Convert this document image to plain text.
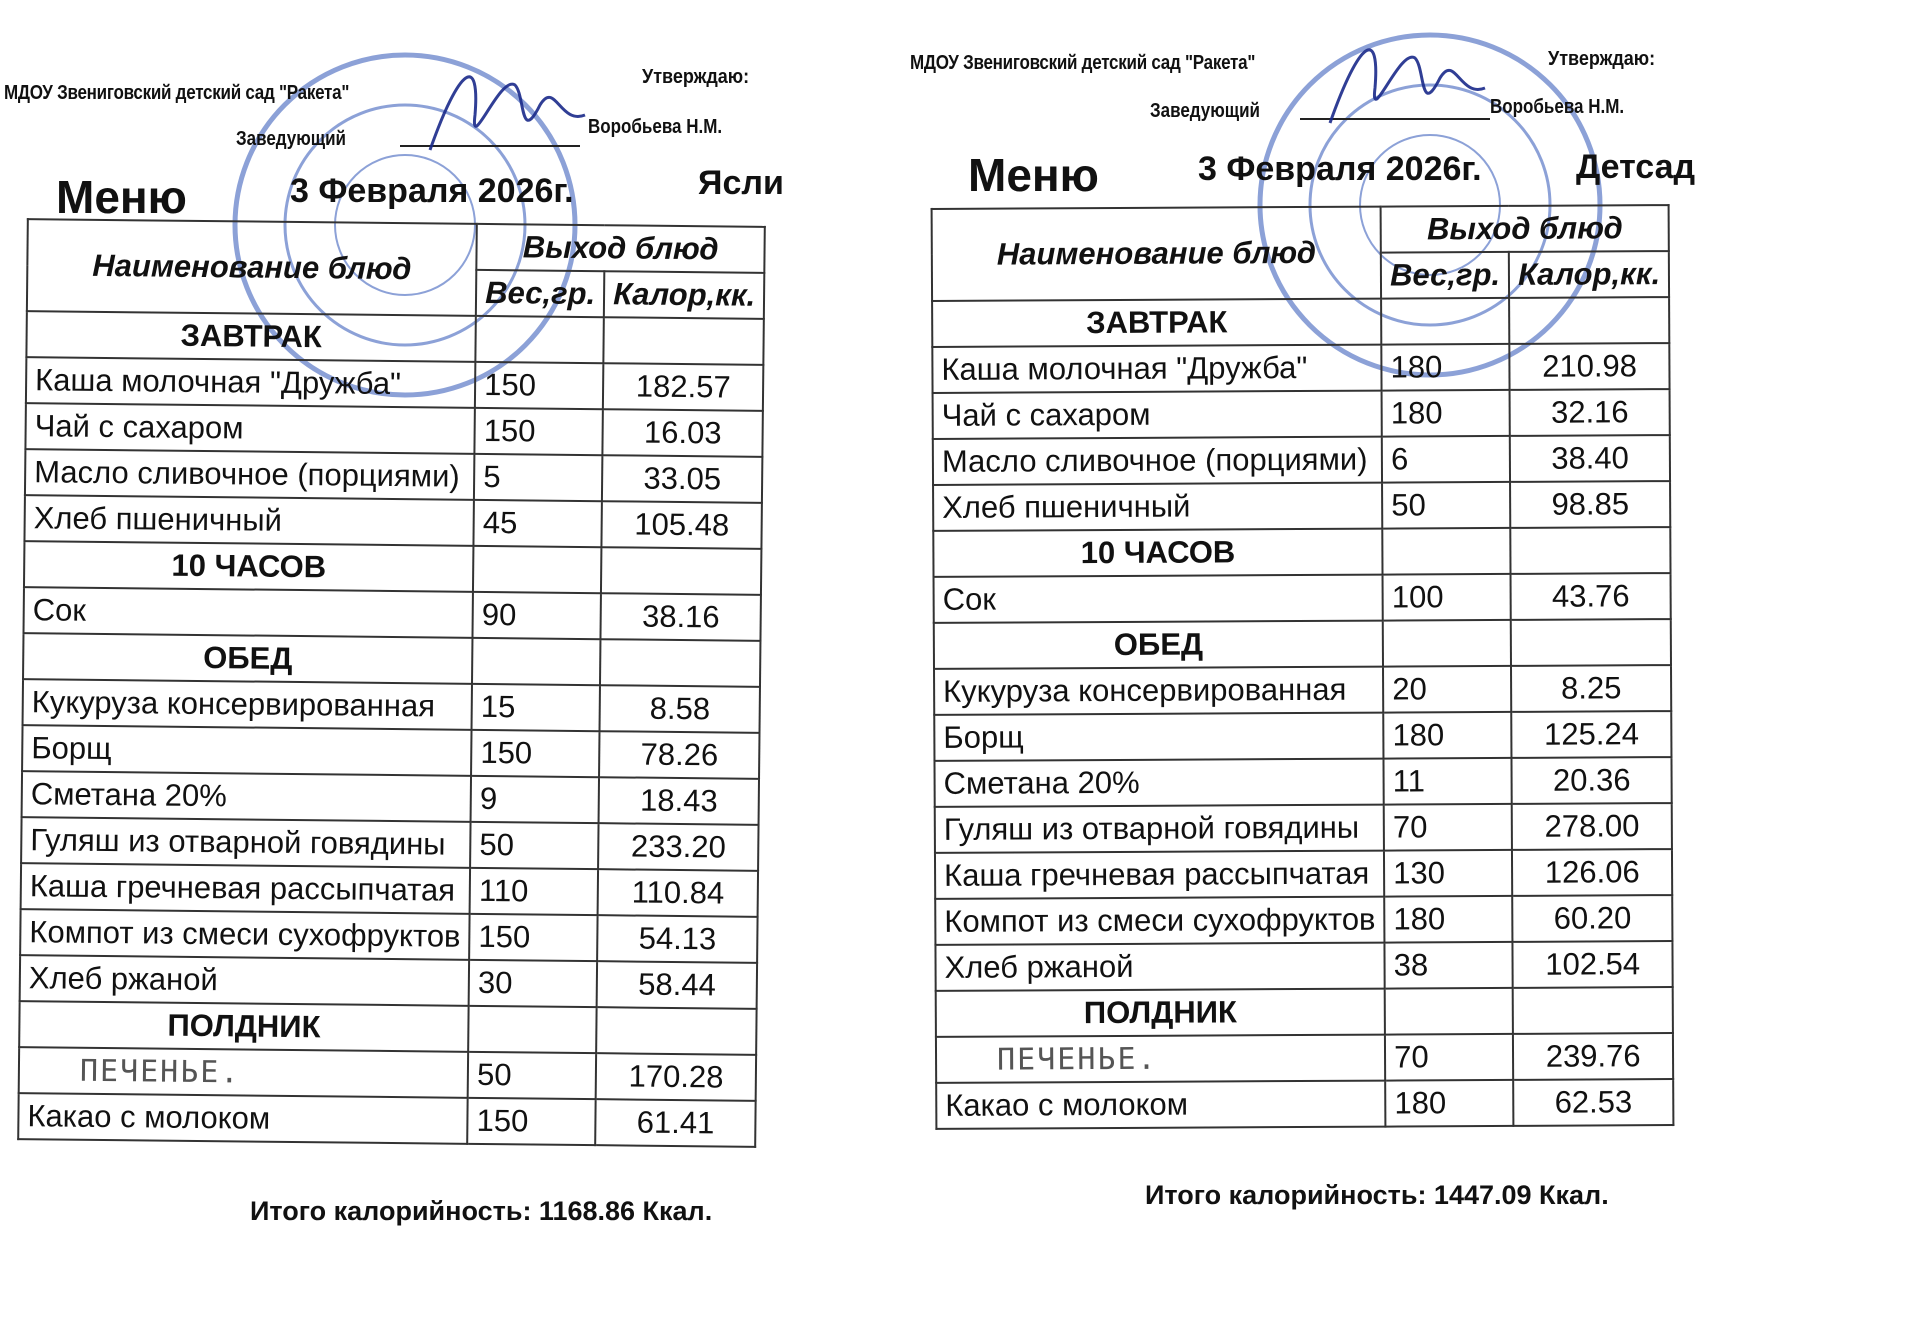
МДОУ Звениговский детский сад "Ракета"
Утверждаю:
Заведующий
Воробьева Н.М.
Меню	3 Февраля 2026г.	Ясли
Наименование блюд	Выход блюд	
	Вес,гр.	Калор,кк.
ЗАВТРАК		
Каша молочная "Дружба"	150	182.57
Чай с сахаром	150	16.03
Масло сливочное (порциями)	5	33.05
Хлеб пшеничный	45	105.48
10 ЧАСОВ		
Сок	90	38.16
ОБЕД		
Кукуруза консервированная	15	8.58
Борщ	150	78.26
Сметана 20%	9	18.43
Гуляш из отварной говядины	50	233.20
Каша гречневая рассыпчатая	110	110.84
Компот из смеси сухофруктов	150	54.13
Хлеб ржаной	30	58.44
ПОЛДНИК		
ПЕЧЕНЬЕ.	50	170.28
Какао с молоком	150	61.41
Итого калорийность: 1168.86 Ккал.
МДОУ Звениговский детский сад "Ракета"	Утверждаю:
Заведующий	Воробьева Н.М.
Меню	3 Февраля 2026г.	Детсад
Наименование блюд	Выход блюд	
	Вес,гр.	Калор,кк.
ЗАВТРАК		
Каша молочная "Дружба"	180	210.98
Чай с сахаром	180	32.16
Масло сливочное (порциями)	6	38.40
Хлеб пшеничный	50	98.85
10 ЧАСОВ		
Сок	100	43.76
ОБЕД		
Кукуруза консервированная	20	8.25
Борщ	180	125.24
Сметана 20%	11	20.36
Гуляш из отварной говядины	70	278.00
Каша гречневая рассыпчатая	130	126.06
Компот из смеси сухофруктов	180	60.20
Хлеб ржаной	38	102.54
ПОЛДНИК		
ПЕЧЕНЬЕ.	70	239.76
Какао с молоком	180	62.53
Итого калорийность: 1447.09 Ккал.
